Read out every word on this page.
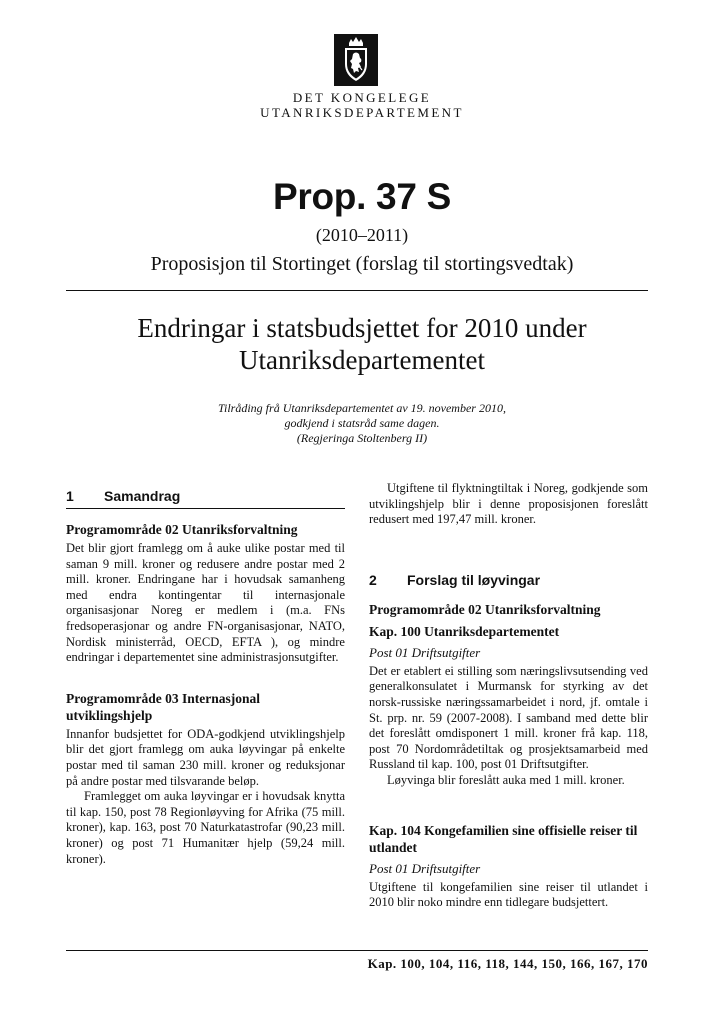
DET KONGELEGE
UTANRIKSDEPARTEMENT
Prop. 37 S
(2010–2011)
Proposisjon til Stortinget (forslag til stortingsvedtak)
Endringar i statsbudsjettet for 2010 under
Utanriksdepartementet
Tilråding frå Utanriksdepartementet av 19. november 2010,
godkjend i statsråd same dagen.
(Regjeringa Stoltenberg II)
1	Samandrag
Programområde 02 Utanriksforvaltning

Det blir gjort framlegg om å auke ulike postar med til saman 9 mill. kroner og redusere andre postar med 2 mill. kroner. Endringane har i hovudsak samanheng med endra kontingentar til internasjonale organisasjonar Noreg er medlem i (m.a. FNs fredsoperasjonar og andre FN-organisasjonar, NATO, Nordisk ministerråd, OECD, EFTA ), og mindre endringar i departementet sine administrasjonsutgifter.

Programområde 03 Internasjonal utviklingshjelp

Innanfor budsjettet for ODA-godkjend utviklingshjelp blir det gjort framlegg om auka løyvingar på enkelte postar med til saman 230 mill. kroner og reduksjonar på andre postar med tilsvarande beløp.

Framlegget om auka løyvingar er i hovudsak knytta til kap. 150, post 78 Regionløyving for Afrika (75 mill. kroner), kap. 163, post 70 Naturkatastrofar (90,23 mill. kroner) og post 71 Humanitær hjelp (59,24 mill. kroner).

Utgiftene til flyktningtiltak i Noreg, godkjende som utviklingshjelp blir i denne proposisjonen foreslått redusert med 197,47 mill. kroner.

2	Forslag til løyvingar
Programområde 02 Utanriksforvaltning
Kap. 100 Utanriksdepartementet
Post 01 Driftsutgifter

Det er etablert ei stilling som næringslivsutsending ved generalkonsulatet i Murmansk for styrking av det norsk-russiske næringssamarbeidet i nord, jf. omtale i St. prp. nr. 59 (2007-2008). I samband med dette blir det foreslått omdisponert 1 mill. kroner frå kap. 118, post 70 Nordområdetiltak og prosjektsamarbeid med Russland til kap. 100, post 01 Driftsutgifter.

Løyvinga blir foreslått auka med 1 mill. kroner.

Kap. 104 Kongefamilien sine offisielle reiser til utlandet
Post 01 Driftsutgifter

Utgiftene til kongefamilien sine reiser til utlandet i 2010 blir noko mindre enn tidlegare budsjettert.

Kap. 100, 104, 116, 118, 144, 150, 166, 167, 170
